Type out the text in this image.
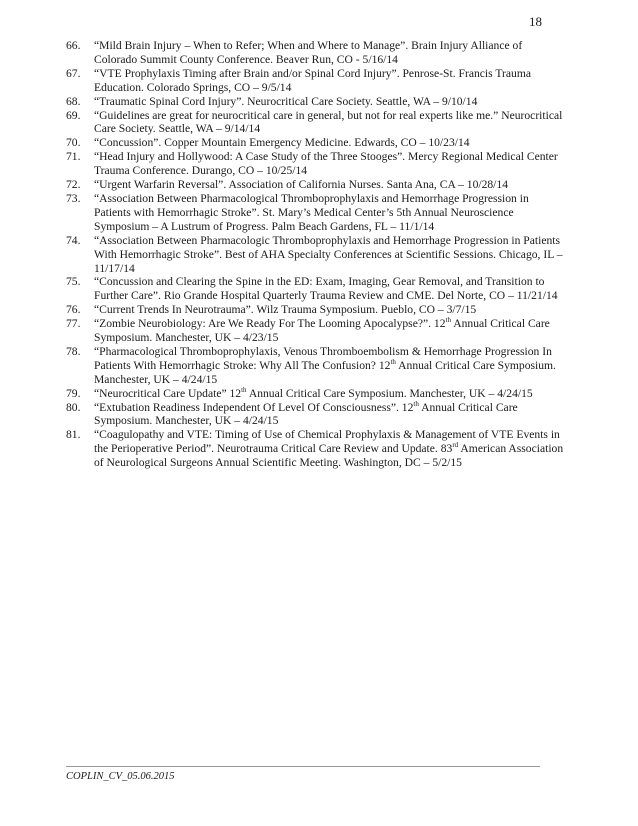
18
66. “Mild Brain Injury – When to Refer; When and Where to Manage”. Brain Injury Alliance of Colorado Summit County Conference. Beaver Run, CO - 5/16/14
67. “VTE Prophylaxis Timing after Brain and/or Spinal Cord Injury”. Penrose-St. Francis Trauma Education. Colorado Springs, CO – 9/5/14
68. “Traumatic Spinal Cord Injury”. Neurocritical Care Society. Seattle, WA – 9/10/14
69. “Guidelines are great for neurocritical care in general, but not for real experts like me.” Neurocritical Care Society. Seattle, WA – 9/14/14
70. “Concussion”. Copper Mountain Emergency Medicine. Edwards, CO – 10/23/14
71. “Head Injury and Hollywood: A Case Study of the Three Stooges”. Mercy Regional Medical Center Trauma Conference. Durango, CO – 10/25/14
72. “Urgent Warfarin Reversal”. Association of California Nurses. Santa Ana, CA – 10/28/14
73. “Association Between Pharmacological Thromboprophylaxis and Hemorrhage Progression in Patients with Hemorrhagic Stroke”. St. Mary’s Medical Center’s 5th Annual Neuroscience Symposium – A Lustrum of Progress. Palm Beach Gardens, FL – 11/1/14
74. “Association Between Pharmacologic Thromboprophylaxis and Hemorrhage Progression in Patients With Hemorrhagic Stroke”. Best of AHA Specialty Conferences at Scientific Sessions. Chicago, IL – 11/17/14
75. “Concussion and Clearing the Spine in the ED: Exam, Imaging, Gear Removal, and Transition to Further Care”. Rio Grande Hospital Quarterly Trauma Review and CME. Del Norte, CO – 11/21/14
76. “Current Trends In Neurotrauma”. Wilz Trauma Symposium. Pueblo, CO – 3/7/15
77. “Zombie Neurobiology: Are We Ready For The Looming Apocalypse?”. 12th Annual Critical Care Symposium. Manchester, UK – 4/23/15
78. “Pharmacological Thromboprophylaxis, Venous Thromboembolism & Hemorrhage Progression In Patients With Hemorrhagic Stroke: Why All The Confusion? 12th Annual Critical Care Symposium. Manchester, UK – 4/24/15
79. “Neurocritical Care Update” 12th Annual Critical Care Symposium. Manchester, UK – 4/24/15
80. “Extubation Readiness Independent Of Level Of Consciousness”. 12th Annual Critical Care Symposium. Manchester, UK – 4/24/15
81. “Coagulopathy and VTE: Timing of Use of Chemical Prophylaxis & Management of VTE Events in the Perioperative Period”. Neurotrauma Critical Care Review and Update. 83rd American Association of Neurological Surgeons Annual Scientific Meeting. Washington, DC – 5/2/15
COPLIN_CV_05.06.2015
